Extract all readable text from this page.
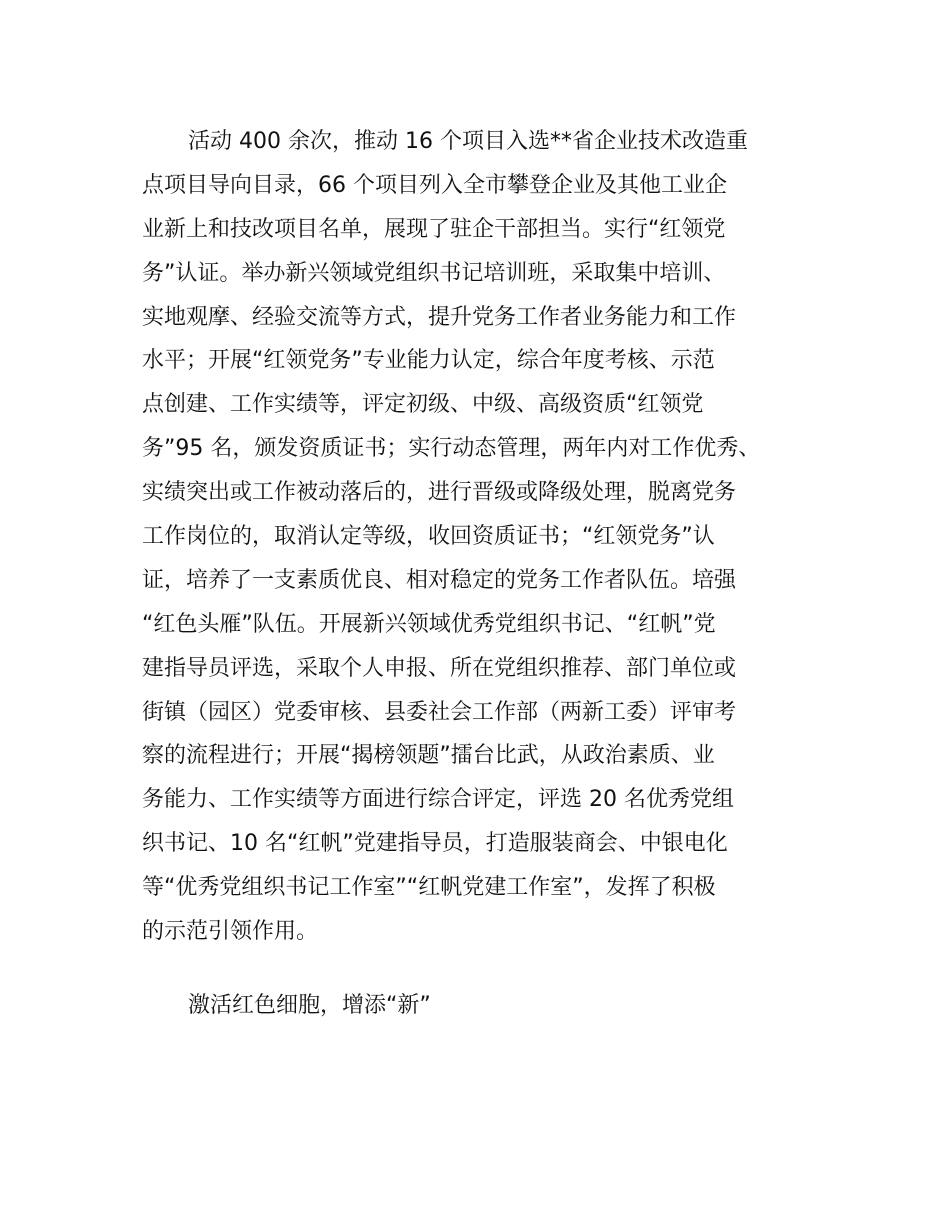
活动 400 余次，推动 16 个项目入选**省企业技术改造重
点项目导向目录，66 个项目列入全市攀登企业及其他工业企
业新上和技改项目名单，展现了驻企干部担当。实行“红领党
务”认证。举办新兴领域党组织书记培训班，采取集中培训、
实地观摩、经验交流等方式，提升党务工作者业务能力和工作
水平；开展“红领党务”专业能力认定，综合年度考核、示范
点创建、工作实绩等，评定初级、中级、高级资质“红领党
务”95 名，颁发资质证书；实行动态管理，两年内对工作优秀、
实绩突出或工作被动落后的，进行晋级或降级处理，脱离党务
工作岗位的，取消认定等级，收回资质证书；“红领党务”认
证，培养了一支素质优良、相对稳定的党务工作者队伍。培强
“红色头雁”队伍。开展新兴领域优秀党组织书记、“红帆”党
建指导员评选，采取个人申报、所在党组织推荐、部门单位或
街镇（园区）党委审核、县委社会工作部（两新工委）评审考
察的流程进行；开展“揭榜领题”擂台比武，从政治素质、业
务能力、工作实绩等方面进行综合评定，评选 20 名优秀党组
织书记、10 名“红帆”党建指导员，打造服装商会、中银电化
等“优秀党组织书记工作室”“红帆党建工作室”，发挥了积极
的示范引领作用。
激活红色细胞，增添“新”
